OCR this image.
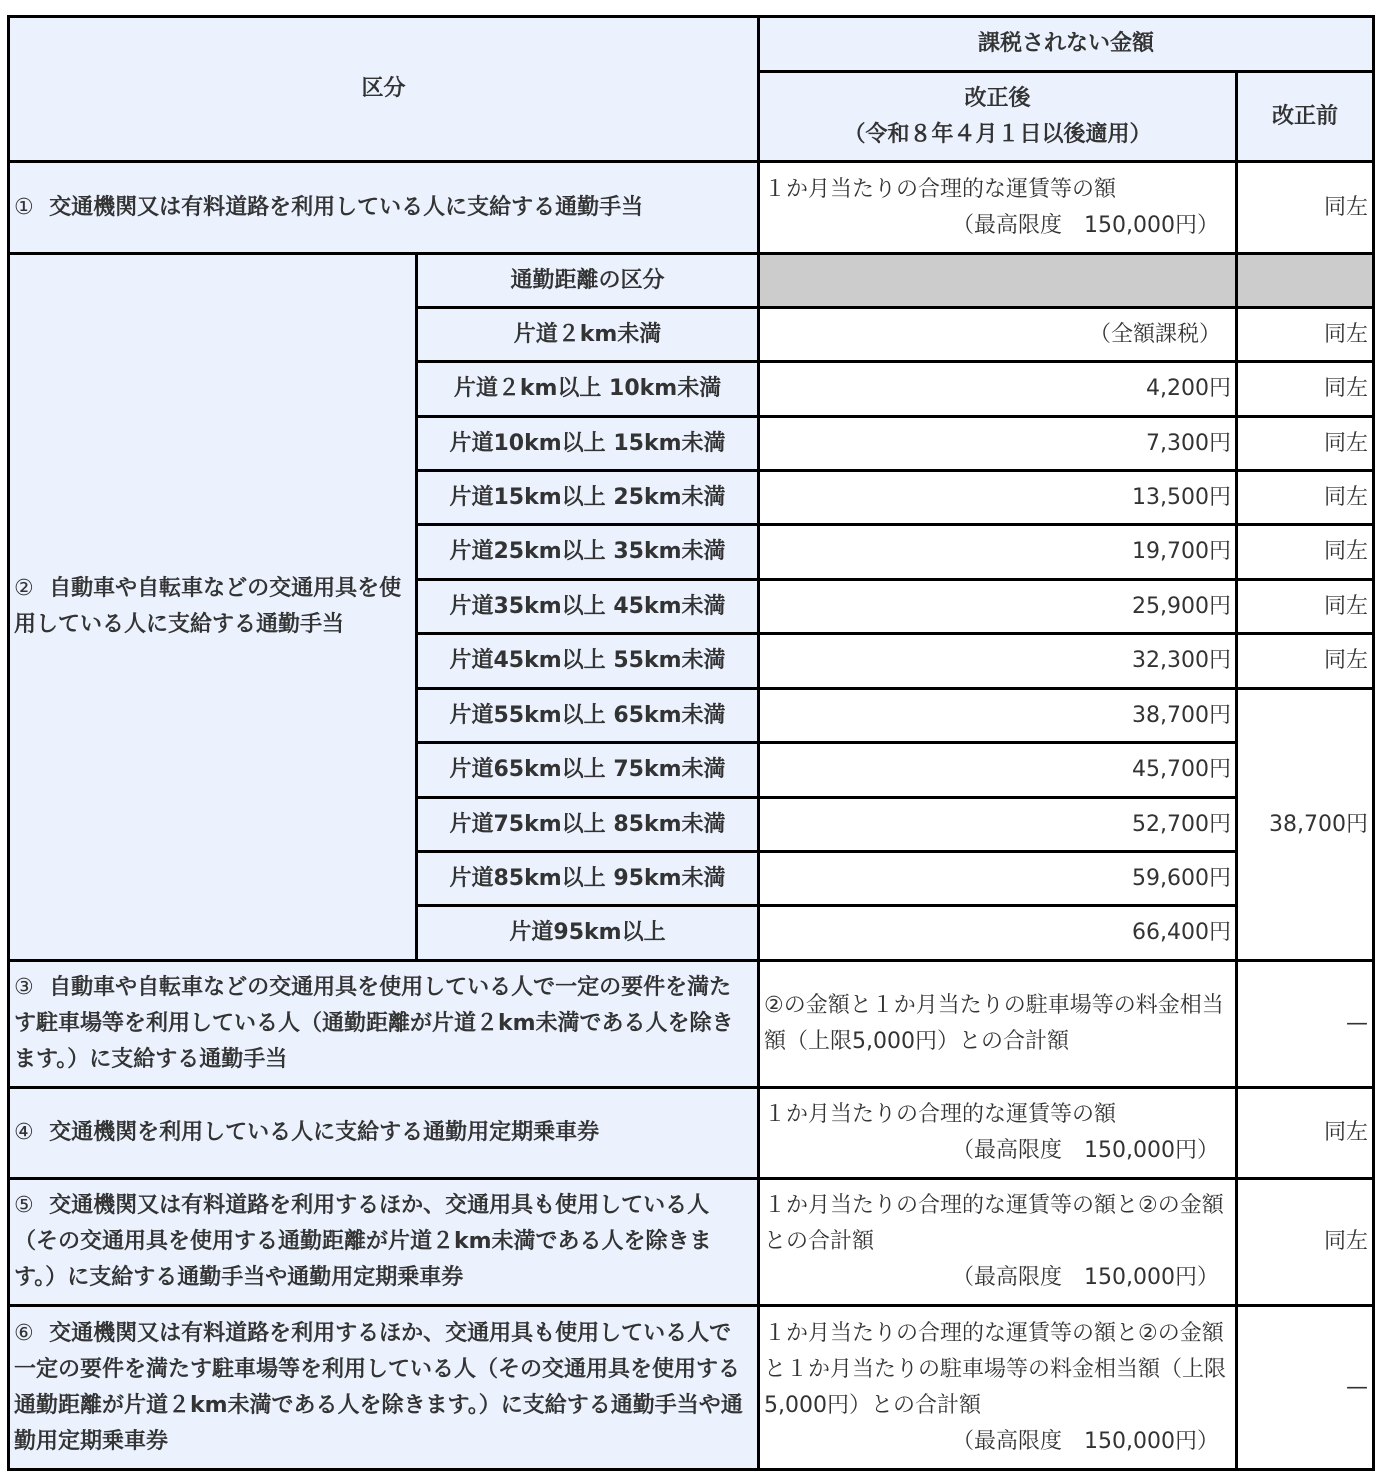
区分		課税されない金額	

		改正後
（令和８年４月１日以後適用）	改正前
① 交通機関又は有料道路を利用している人に支給する通勤手当		１か月当たりの合理的な運賃等の額
（最高限度　150,000円）	同左
② 自動車や自転車などの交通用具を使用している人に支給する通勤手当	通勤距離の区分		
	片道２km未満	（全額課税）	同左
	片道２km以上 10km未満	4,200円	同左
	片道10km以上 15km未満	7,300円	同左
	片道15km以上 25km未満	13,500円	同左
	片道25km以上 35km未満	19,700円	同左
	片道35km以上 45km未満	25,900円	同左
	片道45km以上 55km未満	32,300円	同左
	片道55km以上 65km未満	38,700円	38,700円
	片道65km以上 75km未満	45,700円	
	片道75km以上 85km未満	52,700円	
	片道85km以上 95km未満	59,600円	
	片道95km以上	66,400円	
③ 自動車や自転車などの交通用具を使用している人で一定の要件を満たす駐車場等を利用している人（通勤距離が片道２km未満である人を除きます。）に支給する通勤手当		②の金額と１か月当たりの駐車場等の料金相当額（上限5,000円）との合計額	—
④ 交通機関を利用している人に支給する通勤用定期乗車券		１か月当たりの合理的な運賃等の額
（最高限度　150,000円）	同左
⑤ 交通機関又は有料道路を利用するほか、交通用具も使用している人（その交通用具を使用する通勤距離が片道２km未満である人を除きます。）に支給する通勤手当や通勤用定期乗車券		１か月当たりの合理的な運賃等の額と②の金額との合計額
（最高限度　150,000円）	同左
⑥ 交通機関又は有料道路を利用するほか、交通用具も使用している人で一定の要件を満たす駐車場等を利用している人（その交通用具を使用する通勤距離が片道２km未満である人を除きます。）に支給する通勤手当や通勤用定期乗車券		１か月当たりの合理的な運賃等の額と②の金額と１か月当たりの駐車場等の料金相当額（上限5,000円）との合計額
（最高限度　150,000円）	—
